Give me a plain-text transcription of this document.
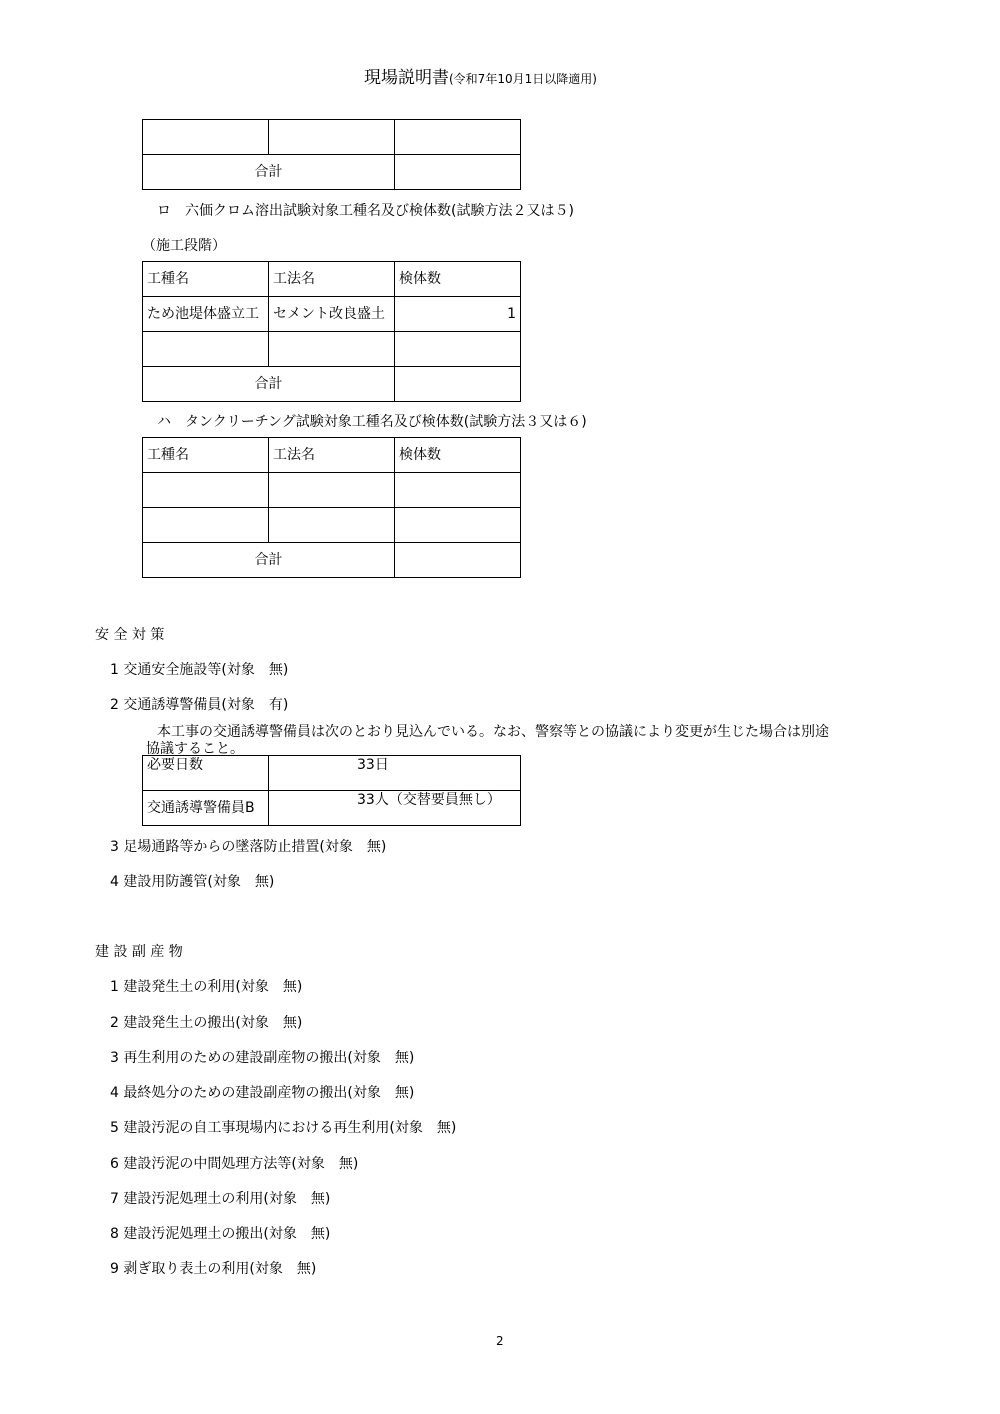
現場説明書(令和7年10月1日以降適用)

合計		
ロ　六価クロム溶出試験対象工種名及び検体数(試験方法２又は５)
（施工段階）
工種名	工法名	検体数
ため池堤体盛立工	セメント改良盛土	1

合計		
ハ　タンクリーチング試験対象工種名及び検体数(試験方法３又は６)
工種名	工法名	検体数

合計		
安 全 対 策
1 交通安全施設等(対象　無)
2 交通誘導警備員(対象　有)
本工事の交通誘導警備員は次のとおり見込んでいる。なお、警察等との協議により変更が生じた場合は別途
協議すること。
必要日数	33日
交通誘導警備員B	33人（交替要員無し）
3 足場通路等からの墜落防止措置(対象　無)
4 建設用防護管(対象　無)
建 設 副 産 物
1 建設発生土の利用(対象　無)
2 建設発生土の搬出(対象　無)
3 再生利用のための建設副産物の搬出(対象　無)
4 最終処分のための建設副産物の搬出(対象　無)
5 建設汚泥の自工事現場内における再生利用(対象　無)
6 建設汚泥の中間処理方法等(対象　無)
7 建設汚泥処理土の利用(対象　無)
8 建設汚泥処理土の搬出(対象　無)
9 剥ぎ取り表土の利用(対象　無)
2
